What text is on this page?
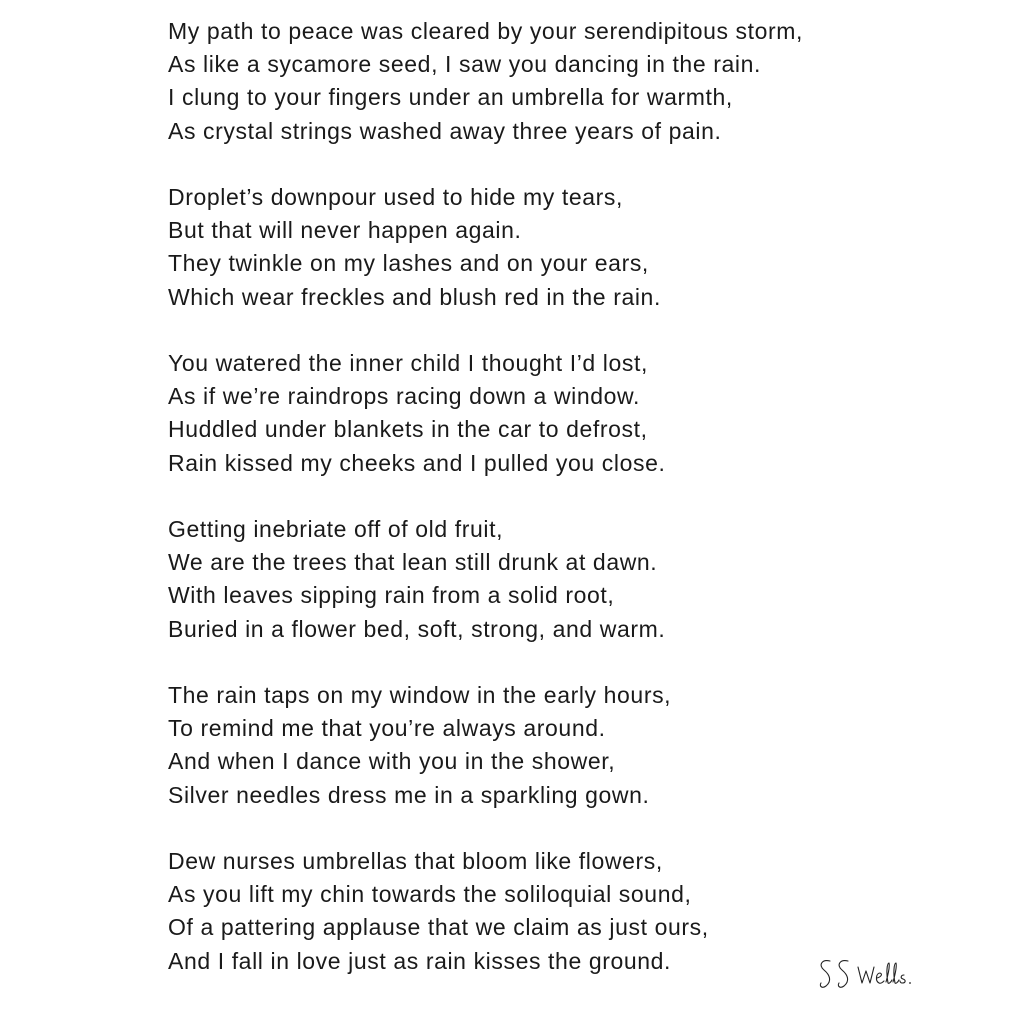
My path to peace was cleared by your serendipitous storm,
As like a sycamore seed, I saw you dancing in the rain.
I clung to your fingers under an umbrella for warmth,
As crystal strings washed away three years of pain.
Droplet’s downpour used to hide my tears,
But that will never happen again.
They twinkle on my lashes and on your ears,
Which wear freckles and blush red in the rain.
You watered the inner child I thought I’d lost,
As if we’re raindrops racing down a window.
Huddled under blankets in the car to defrost,
Rain kissed my cheeks and I pulled you close.
Getting inebriate off of old fruit,
We are the trees that lean still drunk at dawn.
With leaves sipping rain from a solid root,
Buried in a flower bed, soft, strong, and warm.
The rain taps on my window in the early hours,
To remind me that you’re always around.
And when I dance with you in the shower,
Silver needles dress me in a sparkling gown.
Dew nurses umbrellas that bloom like flowers,
As you lift my chin towards the soliloquial sound,
Of a pattering applause that we claim as just ours,
And I fall in love just as rain kisses the ground.
